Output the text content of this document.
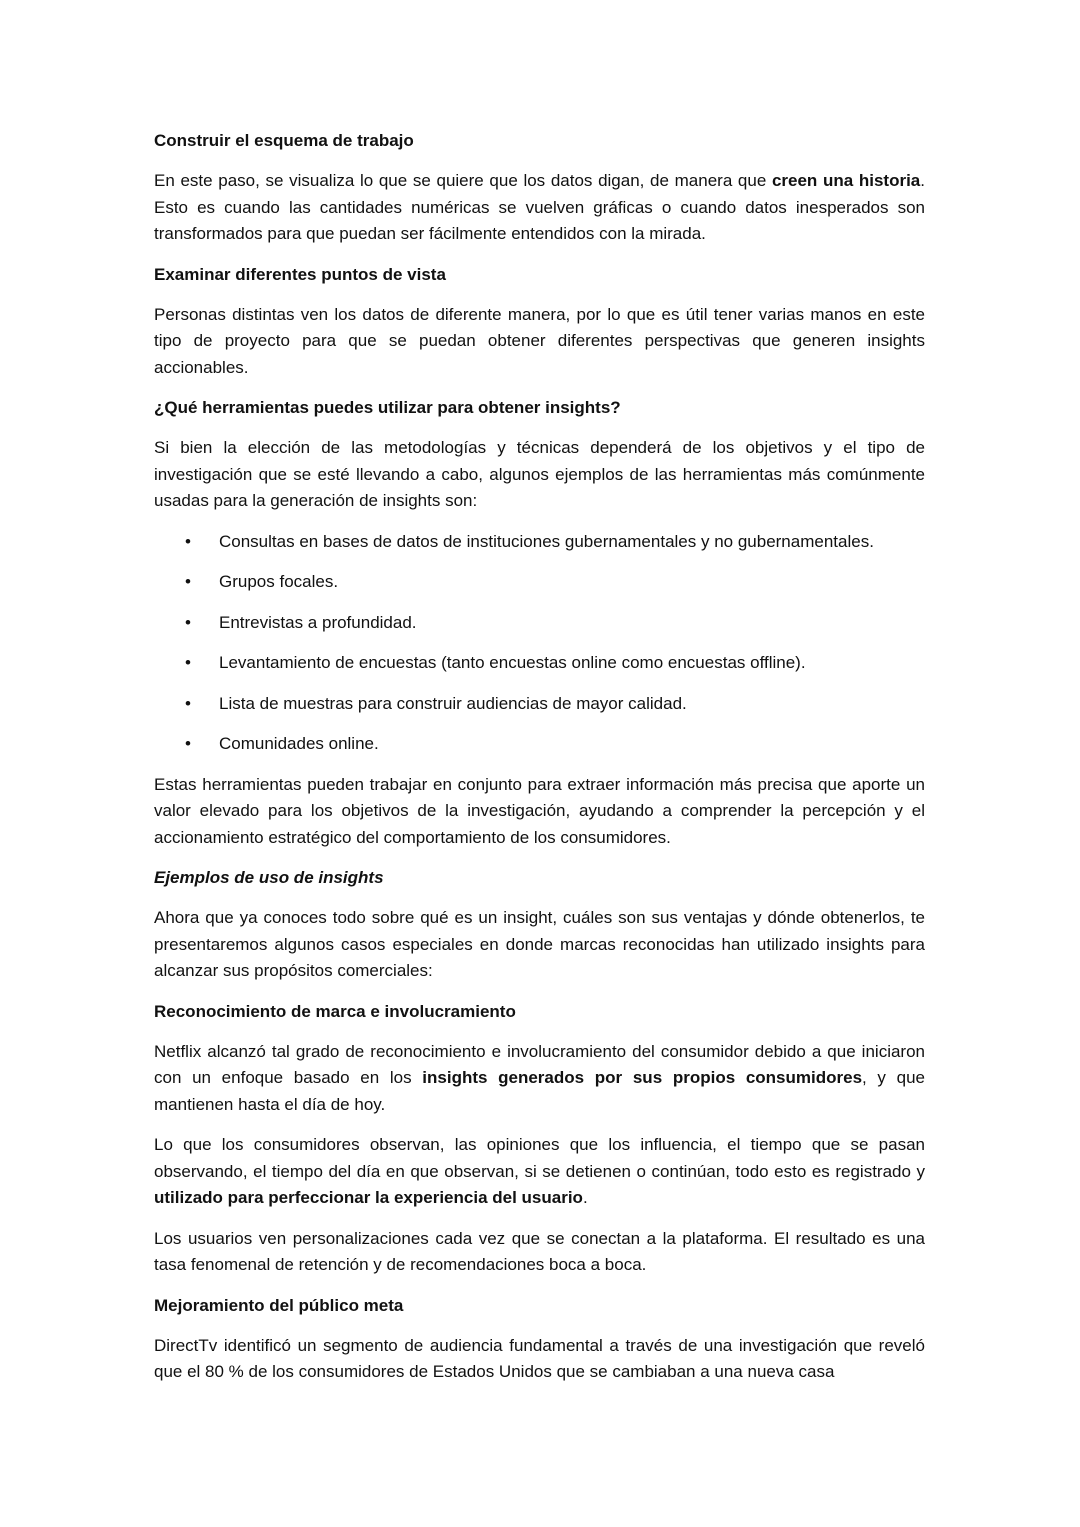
Construir el esquema de trabajo

En este paso, se visualiza lo que se quiere que los datos digan, de manera que creen una historia. Esto es cuando las cantidades numéricas se vuelven gráficas o cuando datos inesperados son transformados para que puedan ser fácilmente entendidos con la mirada.

Examinar diferentes puntos de vista

Personas distintas ven los datos de diferente manera, por lo que es útil tener varias manos en este tipo de proyecto para que se puedan obtener diferentes perspectivas que generen insights accionables.

¿Qué herramientas puedes utilizar para obtener insights?

Si bien la elección de las metodologías y técnicas dependerá de los objetivos y el tipo de investigación que se esté llevando a cabo, algunos ejemplos de las herramientas más comúnmente usadas para la generación de insights son:

• Consultas en bases de datos de instituciones gubernamentales y no gubernamentales.
• Grupos focales.
• Entrevistas a profundidad.
• Levantamiento de encuestas (tanto encuestas online como encuestas offline).
• Lista de muestras para construir audiencias de mayor calidad.
• Comunidades online.

Estas herramientas pueden trabajar en conjunto para extraer información más precisa que aporte un valor elevado para los objetivos de la investigación, ayudando a comprender la percepción y el accionamiento estratégico del comportamiento de los consumidores.

Ejemplos de uso de insights

Ahora que ya conoces todo sobre qué es un insight, cuáles son sus ventajas y dónde obtenerlos, te presentaremos algunos casos especiales en donde marcas reconocidas han utilizado insights para alcanzar sus propósitos comerciales:

Reconocimiento de marca e involucramiento

Netflix alcanzó tal grado de reconocimiento e involucramiento del consumidor debido a que iniciaron con un enfoque basado en los insights generados por sus propios consumidores, y que mantienen hasta el día de hoy.

Lo que los consumidores observan, las opiniones que los influencia, el tiempo que se pasan observando, el tiempo del día en que observan, si se detienen o continúan, todo esto es registrado y utilizado para perfeccionar la experiencia del usuario.

Los usuarios ven personalizaciones cada vez que se conectan a la plataforma. El resultado es una tasa fenomenal de retención y de recomendaciones boca a boca.

Mejoramiento del público meta

DirectTv identificó un segmento de audiencia fundamental a través de una investigación que reveló que el 80 % de los consumidores de Estados Unidos que se cambiaban a una nueva casa
